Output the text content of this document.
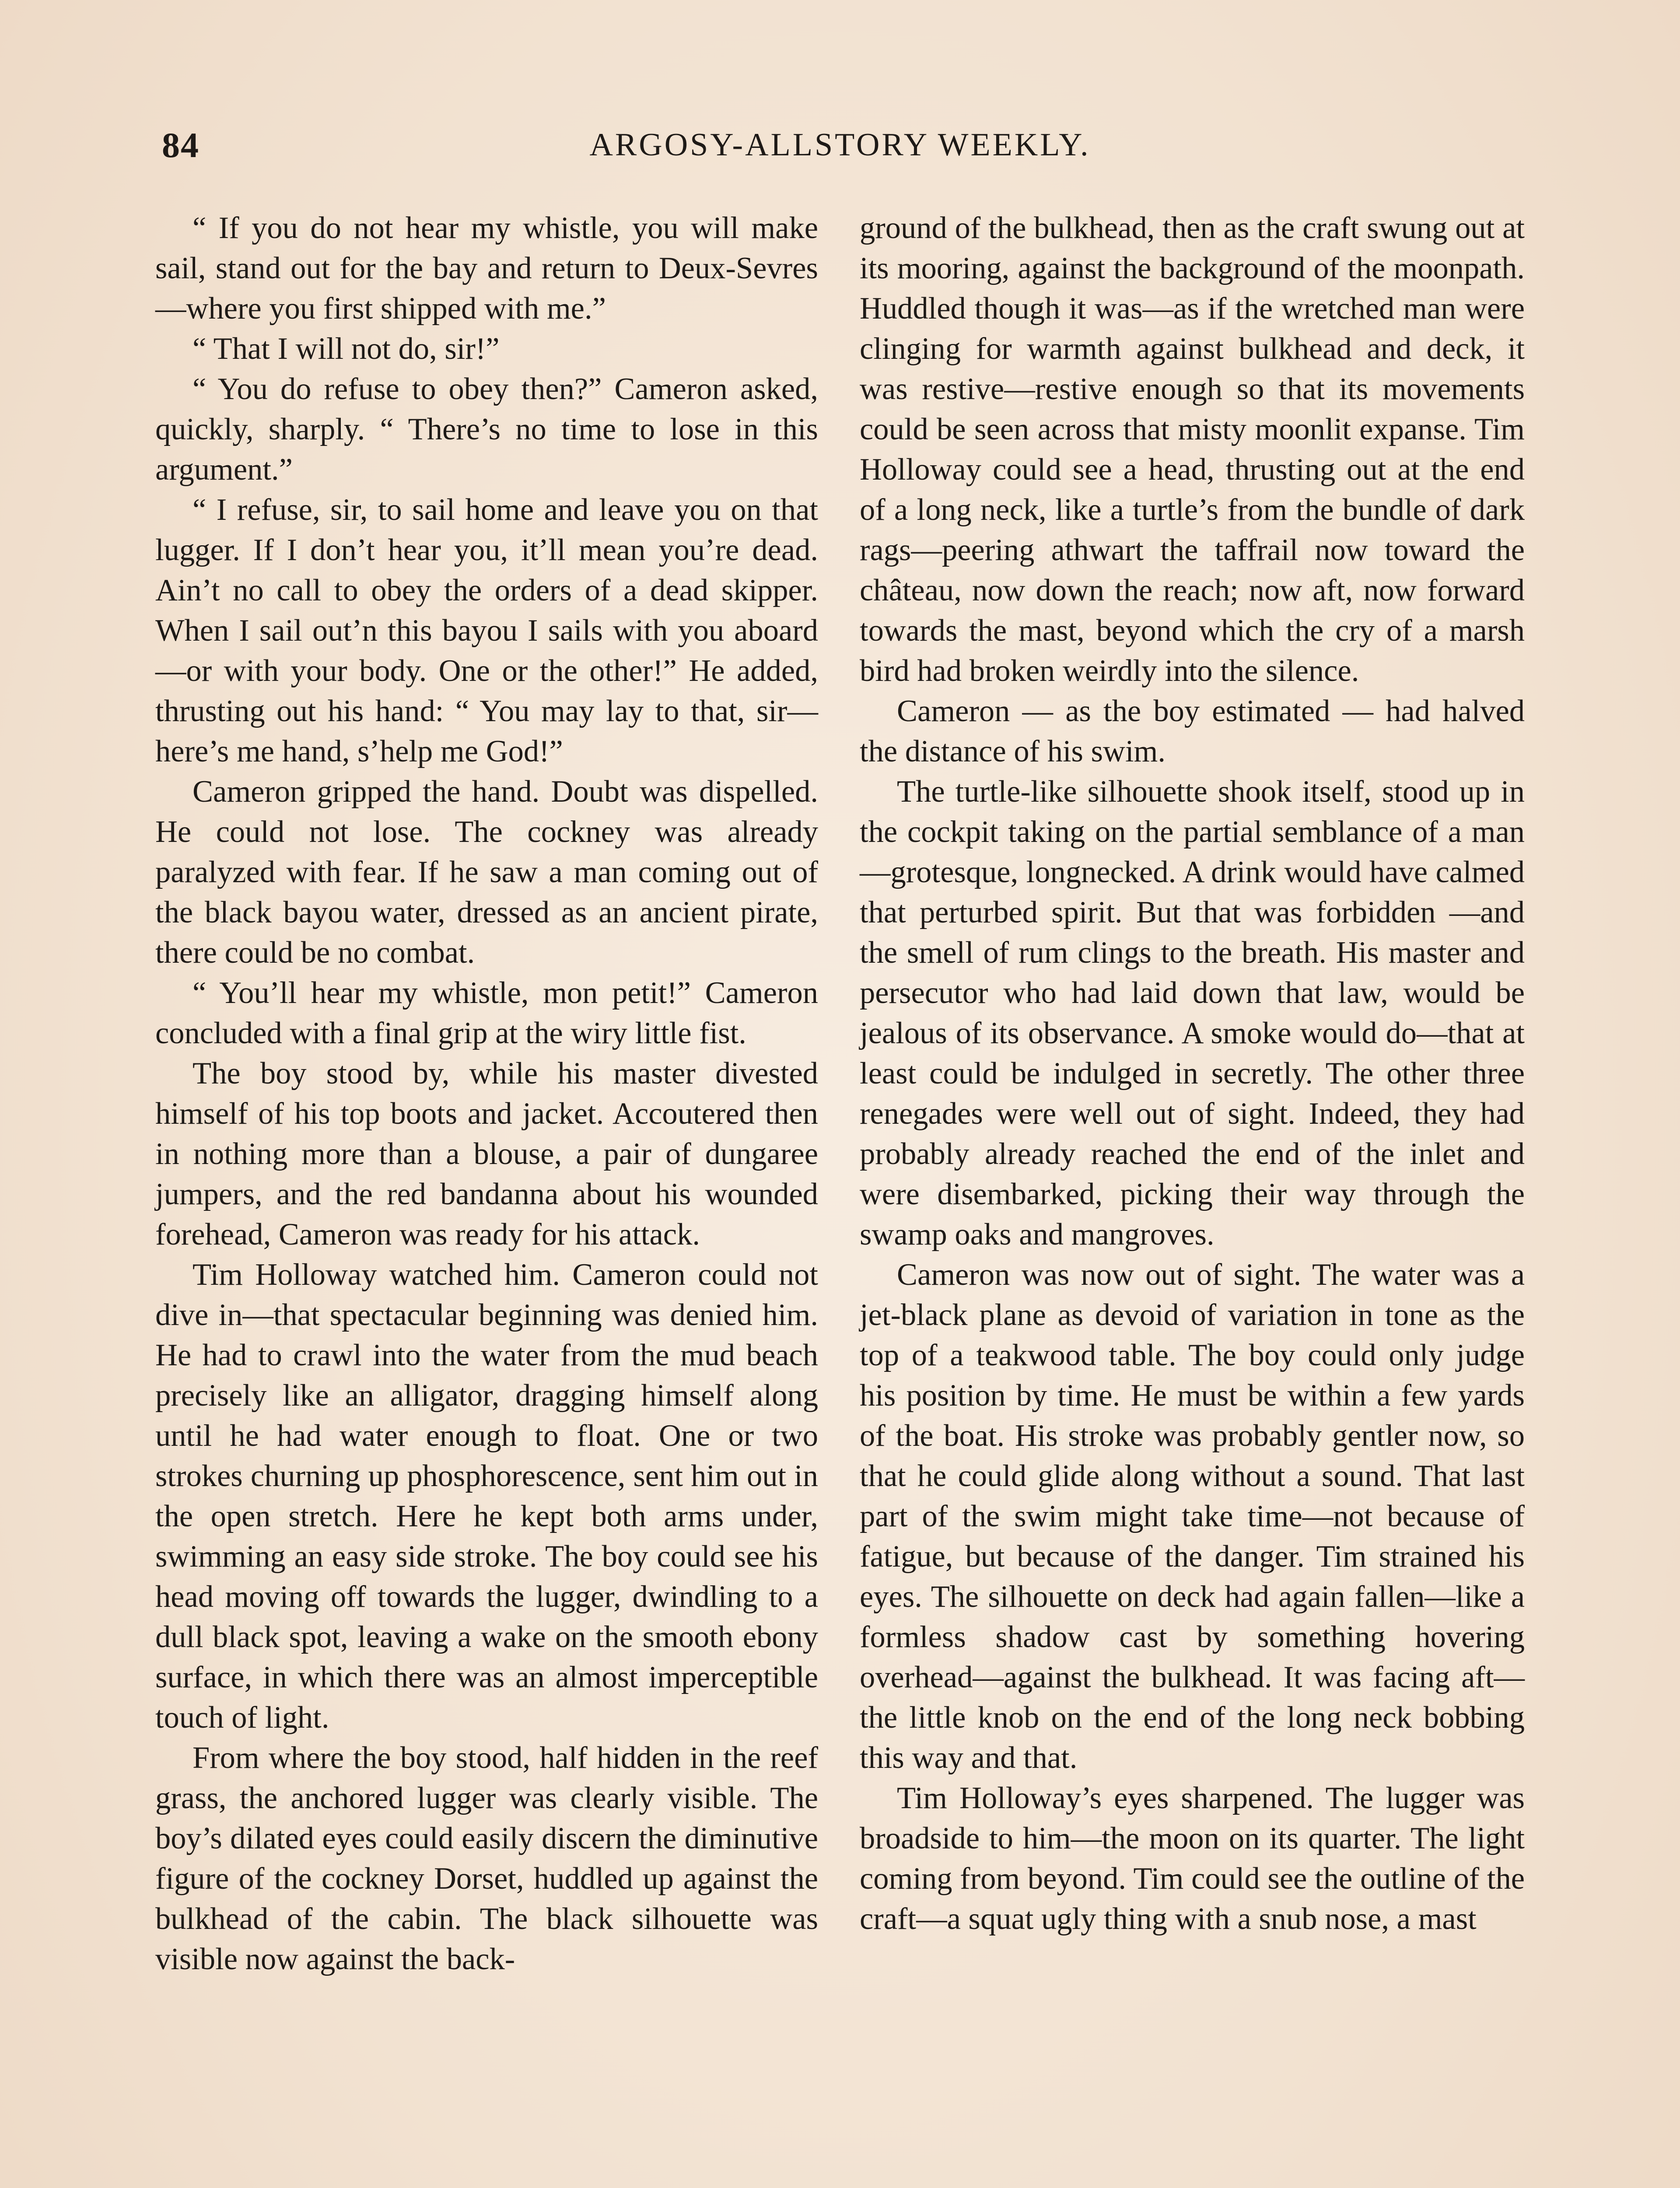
84	ARGOSY-ALLSTORY WEEKLY.

“ If you do not hear my whistle, you will make sail, stand out for the bay and return to Deux-Sevres—where you first shipped with me.”

“ That I will not do, sir!”

“ You do refuse to obey then?” Cameron asked, quickly, sharply. “ There’s no time to lose in this argument.”

“ I refuse, sir, to sail home and leave you on that lugger. If I don’t hear you, it’ll mean you’re dead. Ain’t no call to obey the orders of a dead skipper. When I sail out’n this bayou I sails with you aboard—or with your body. One or the other!” He added, thrusting out his hand: “ You may lay to that, sir—here’s me hand, s’help me God!”

Cameron gripped the hand. Doubt was dispelled. He could not lose. The cockney was already paralyzed with fear. If he saw a man coming out of the black bayou water, dressed as an ancient pirate, there could be no combat.

“ You’ll hear my whistle, mon petit!” Cameron concluded with a final grip at the wiry little fist.

The boy stood by, while his master divested himself of his top boots and jacket. Accoutered then in nothing more than a blouse, a pair of dungaree jumpers, and the red bandanna about his wounded forehead, Cameron was ready for his attack.

Tim Holloway watched him. Cameron could not dive in—that spectacular beginning was denied him. He had to crawl into the water from the mud beach precisely like an alligator, dragging himself along until he had water enough to float. One or two strokes churning up phosphorescence, sent him out in the open stretch. Here he kept both arms under, swimming an easy side stroke. The boy could see his head moving off towards the lugger, dwindling to a dull black spot, leaving a wake on the smooth ebony surface, in which there was an almost imperceptible touch of light.

From where the boy stood, half hidden in the reef grass, the anchored lugger was clearly visible. The boy’s dilated eyes could easily discern the diminutive figure of the cockney Dorset, huddled up against the bulkhead of the cabin. The black silhouette was visible now against the back-

ground of the bulkhead, then as the craft swung out at its mooring, against the background of the moonpath. Huddled though it was—as if the wretched man were clinging for warmth against bulkhead and deck, it was restive—restive enough so that its movements could be seen across that misty moonlit expanse. Tim Holloway could see a head, thrusting out at the end of a long neck, like a turtle’s from the bundle of dark rags—peering athwart the taffrail now toward the château, now down the reach; now aft, now forward towards the mast, beyond which the cry of a marsh bird had broken weirdly into the silence.

Cameron — as the boy estimated — had halved the distance of his swim.

The turtle-like silhouette shook itself, stood up in the cockpit taking on the partial semblance of a man—grotesque, longnecked. A drink would have calmed that perturbed spirit. But that was forbidden —and the smell of rum clings to the breath. His master and persecutor who had laid down that law, would be jealous of its observance. A smoke would do—that at least could be indulged in secretly. The other three renegades were well out of sight. Indeed, they had probably already reached the end of the inlet and were disembarked, picking their way through the swamp oaks and mangroves.

Cameron was now out of sight. The water was a jet-black plane as devoid of variation in tone as the top of a teakwood table. The boy could only judge his position by time. He must be within a few yards of the boat. His stroke was probably gentler now, so that he could glide along without a sound. That last part of the swim might take time—not because of fatigue, but because of the danger. Tim strained his eyes. The silhouette on deck had again fallen—like a formless shadow cast by something hovering overhead—against the bulkhead. It was facing aft—the little knob on the end of the long neck bobbing this way and that.

Tim Holloway’s eyes sharpened. The lugger was broadside to him—the moon on its quarter. The light coming from beyond. Tim could see the outline of the craft—a squat ugly thing with a snub nose, a mast
